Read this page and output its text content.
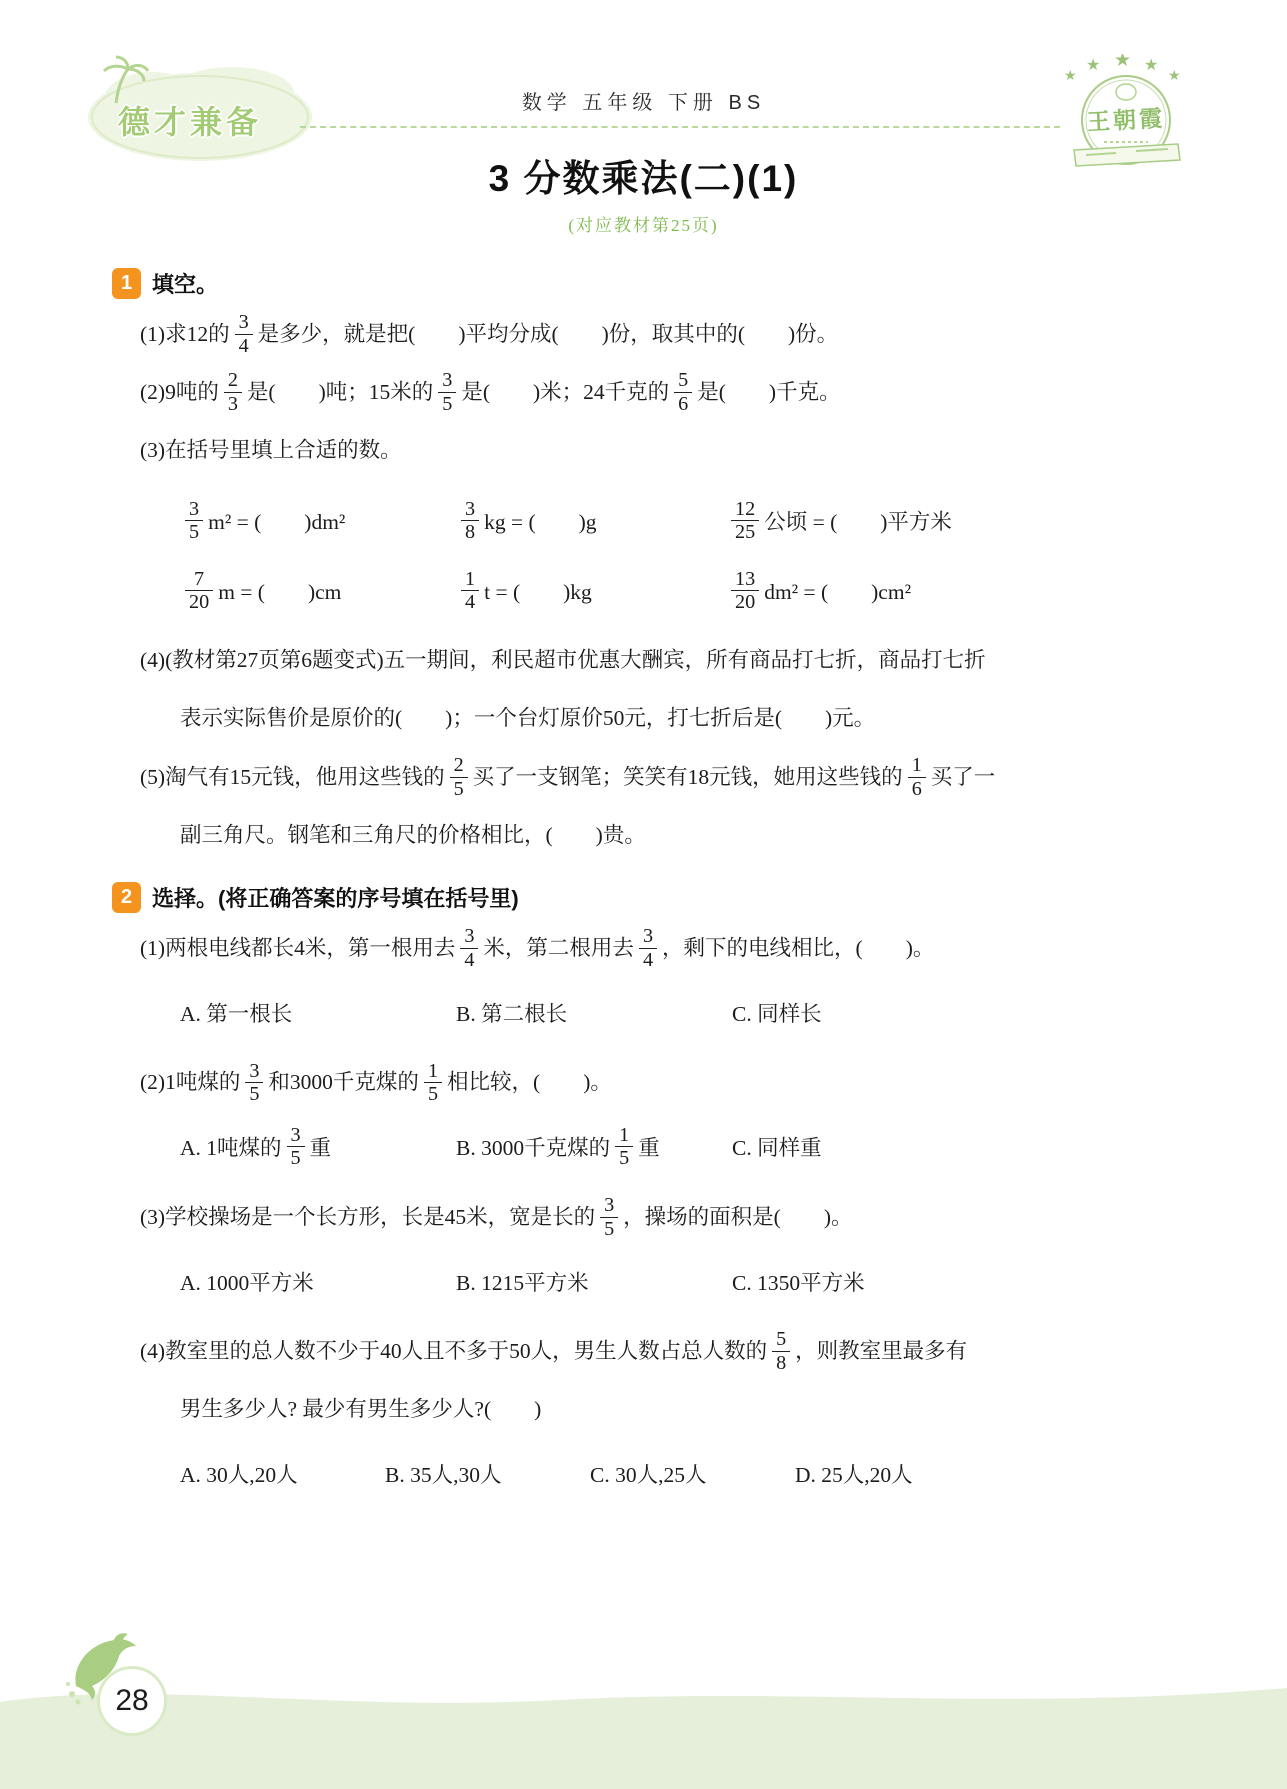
德才兼备
数学 五年级 下册 BS
★
★ ★ ★
★
王朝霞
3 分数乘法(二)(1)
(对应教材第25页)
1 填空。
(1)求12的 $\frac{3}{4}$ 是多少，就是把(　　)平均分成(　　)份，取其中的(　　)份。
(2)9吨的 $\frac{2}{3}$ 是(　　)吨；15米的 $\frac{3}{5}$ 是(　　)米；24千克的 $\frac{5}{6}$ 是(　　)千克。
(3)在括号里填上合适的数。
$\frac{3}{5} m^2$ = (　　)dm²	$\frac{3}{8}$ kg = (　　)g	$\frac{12}{25}$ 公顷 = (　　)平方米
$\frac{7}{20}$ m = (　　)cm	$\frac{1}{4}$ t = (　　)kg	$\frac{13}{20} dm^2$ = (　　)cm²
(4)(教材第27页第6题变式)五一期间，利民超市优惠大酬宾，所有商品打七折，商品打七折
表示实际售价是原价的(　　)；一个台灯原价50元，打七折后是(　　)元。
(5)淘气有15元钱，他用这些钱的 $\frac{2}{5}$ 买了一支钢笔；笑笑有18元钱，她用这些钱的 $\frac{1}{6}$ 买了一
副三角尺。钢笔和三角尺的价格相比，(　　)贵。
2 选择。(将正确答案的序号填在括号里)
(1)两根电线都长4米，第一根用去 $\frac{3}{4}$ 米，第二根用去 $\frac{3}{4}$ ，剩下的电线相比，(　　)。
A. 第一根长	B. 第二根长	C. 同样长
(2)1吨煤的 $\frac{3}{5}$ 和3000千克煤的 $\frac{1}{5}$ 相比较，(　　)。
A. 1吨煤的 $\frac{3}{5}$ 重	B. 3000千克煤的 $\frac{1}{5}$ 重	C. 同样重
(3)学校操场是一个长方形，长是45米，宽是长的 $\frac{3}{5}$ ，操场的面积是(　　)。
A. 1000平方米	B. 1215平方米	C. 1350平方米
(4)教室里的总人数不少于40人且不多于50人，男生人数占总人数的 $\frac{5}{8}$ ，则教室里最多有
男生多少人? 最少有男生多少人?(　　)
A. 30人,20人	B. 35人,30人	C. 30人,25人	D. 25人,20人
28
